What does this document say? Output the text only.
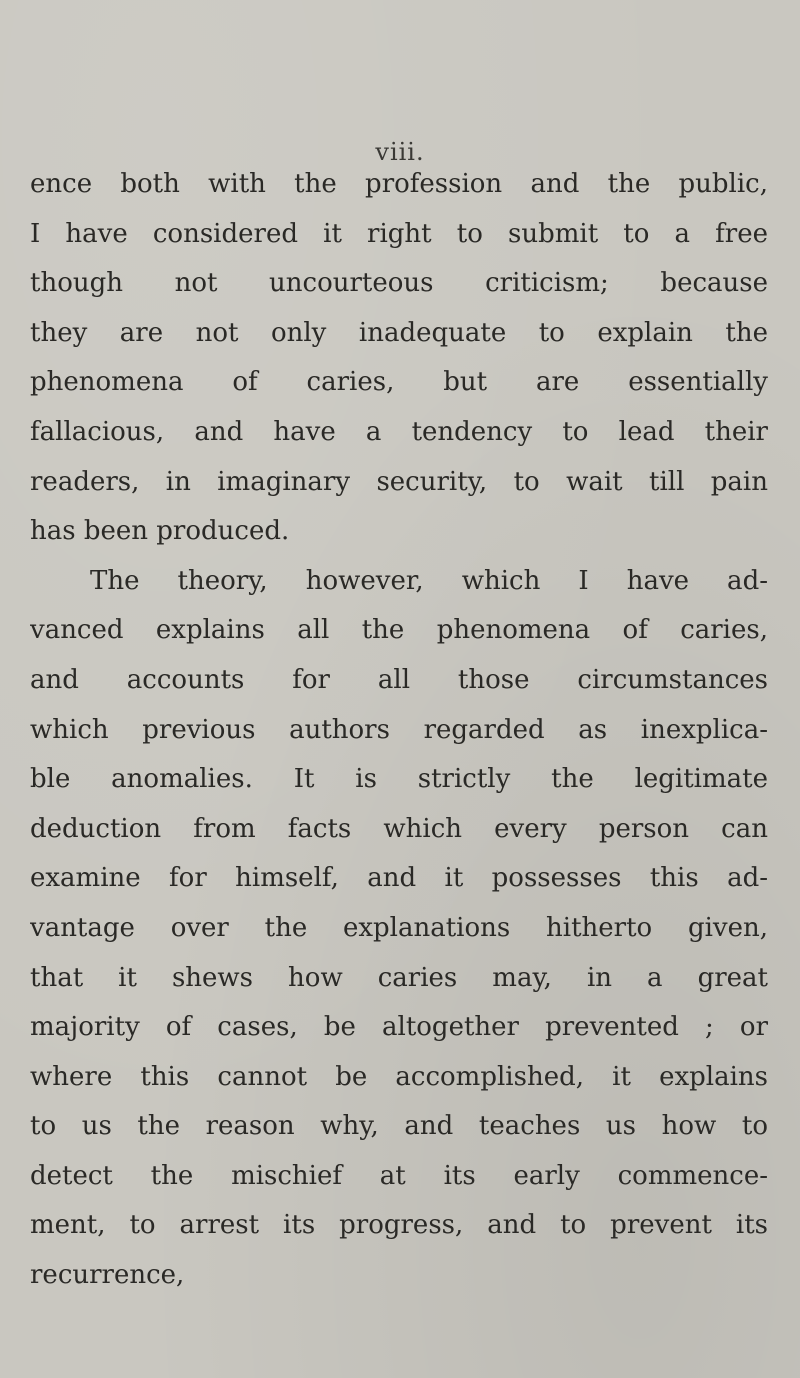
viii.
ence both with the profession and the public,
I have considered it right to submit to a free
though not uncourteous criticism; because
they are not only inadequate to explain the
phenomena of caries, but are essentially
fallacious, and have a tendency to lead their
readers, in imaginary security, to wait till pain
has been produced.
The theory, however, which I have ad-
vanced explains all the phenomena of caries,
and accounts for all those circumstances
which previous authors regarded as inexplica-
ble anomalies. It is strictly the legitimate
deduction from facts which every person can
examine for himself, and it possesses this ad-
vantage over the explanations hitherto given,
that it shews how caries may, in a great
majority of cases, be altogether prevented ; or
where this cannot be accomplished, it explains
to us the reason why, and teaches us how to
detect the mischief at its early commence-
ment, to arrest its progress, and to prevent its
recurrence,
